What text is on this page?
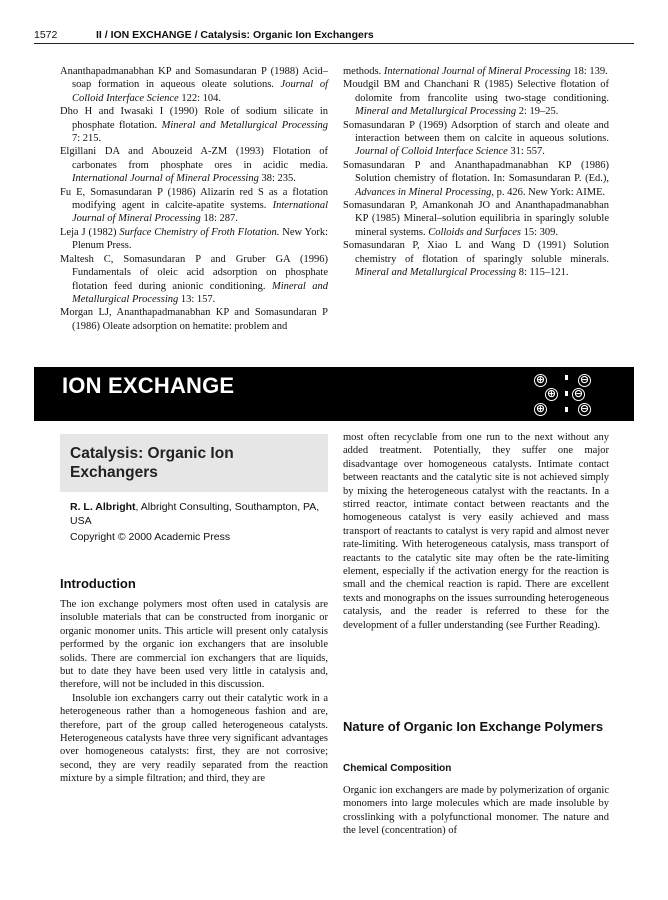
1572	II / ION EXCHANGE / Catalysis: Organic Ion Exchangers

Ananthapadmanabhan KP and Somasundaran P (1988) Acid–soap formation in aqueous oleate solutions. Journal of Colloid Interface Science 122: 104.

Dho H and Iwasaki I (1990) Role of sodium silicate in phosphate flotation. Mineral and Metallurgical Processing 7: 215.

Elgillani DA and Abouzeid A-ZM (1993) Flotation of carbonates from phosphate ores in acidic media. International Journal of Mineral Processing 38: 235.

Fu E, Somasundaran P (1986) Alizarin red S as a flotation modifying agent in calcite-apatite systems. International Journal of Mineral Processing 18: 287.

Leja J (1982) Surface Chemistry of Froth Flotation. New York: Plenum Press.

Maltesh C, Somasundaran P and Gruber GA (1996) Fundamentals of oleic acid adsorption on phosphate flotation feed during anionic conditioning. Mineral and Metallurgical Processing 13: 157.

Morgan LJ, Ananthapadmanabhan KP and Somasundaran P (1986) Oleate adsorption on hematite: problem and

methods. International Journal of Mineral Processing 18: 139.

Moudgil BM and Chanchani R (1985) Selective flotation of dolomite from francolite using two-stage conditioning. Mineral and Metallurgical Processing 2: 19–25.

Somasundaran P (1969) Adsorption of starch and oleate and interaction between them on calcite in aqueous solutions. Journal of Colloid Interface Science 31: 557.

Somasundaran P and Ananthapadmanabhan KP (1986) Solution chemistry of flotation. In: Somasundaran P. (Ed.), Advances in Mineral Processing, p. 426. New York: AIME.

Somasundaran P, Amankonah JO and Ananthapadmanabhan KP (1985) Mineral–solution equilibria in sparingly soluble mineral systems. Colloids and Surfaces 15: 309.

Somasundaran P, Xiao L and Wang D (1991) Solution chemistry of flotation of sparingly soluble minerals. Mineral and Metallurgical Processing 8: 115–121.

ION EXCHANGE	⊕	⊖
⊕ ⊖
⊕	⊖
Catalysis: Organic Ion Exchangers
R. L. Albright, Albright Consulting, Southampton, PA, USA
Copyright © 2000 Academic Press
Introduction

The ion exchange polymers most often used in catalysis are insoluble materials that can be constructed from inorganic or organic monomer units. This article will present only catalysis performed by the organic ion exchangers that are insoluble solids. There are commercial ion exchangers that are liquids, but to date they have been used very little in catalysis and, therefore, will not be included in this discussion.

Insoluble ion exchangers carry out their catalytic work in a heterogeneous rather than a homogeneous fashion and are, therefore, part of the group called heterogeneous catalysts. Heterogeneous catalysts have three very significant advantages over homogeneous catalysts: first, they are not corrosive; second, they are very readily separated from the reaction mixture by a simple filtration; and third, they are

most often recyclable from one run to the next without any added treatment. Potentially, they suffer one major disadvantage over homogeneous catalysts. Intimate contact between reactants and the catalytic site is not achieved simply by mixing the heterogeneous catalyst with the reactants. In a stirred reactor, intimate contact between reactants and the homogeneous catalyst is very easily achieved and mass transport of reactants to catalyst is very rapid and almost never rate-limiting. With heterogeneous catalysis, mass transport of reactants to the catalytic site may often be the rate-limiting element, especially if the activation energy for the reaction is small and the chemical reaction is rapid. There are excellent texts and monographs on the issues surrounding heterogeneous catalysis, and the reader is referred to these for the development of a fuller understanding (see Further Reading).

Nature of Organic Ion Exchange Polymers
Chemical Composition

Organic ion exchangers are made by polymerization of organic monomers into large molecules which are made insoluble by crosslinking with a polyfunctional monomer. The nature and the level (concentration) of
